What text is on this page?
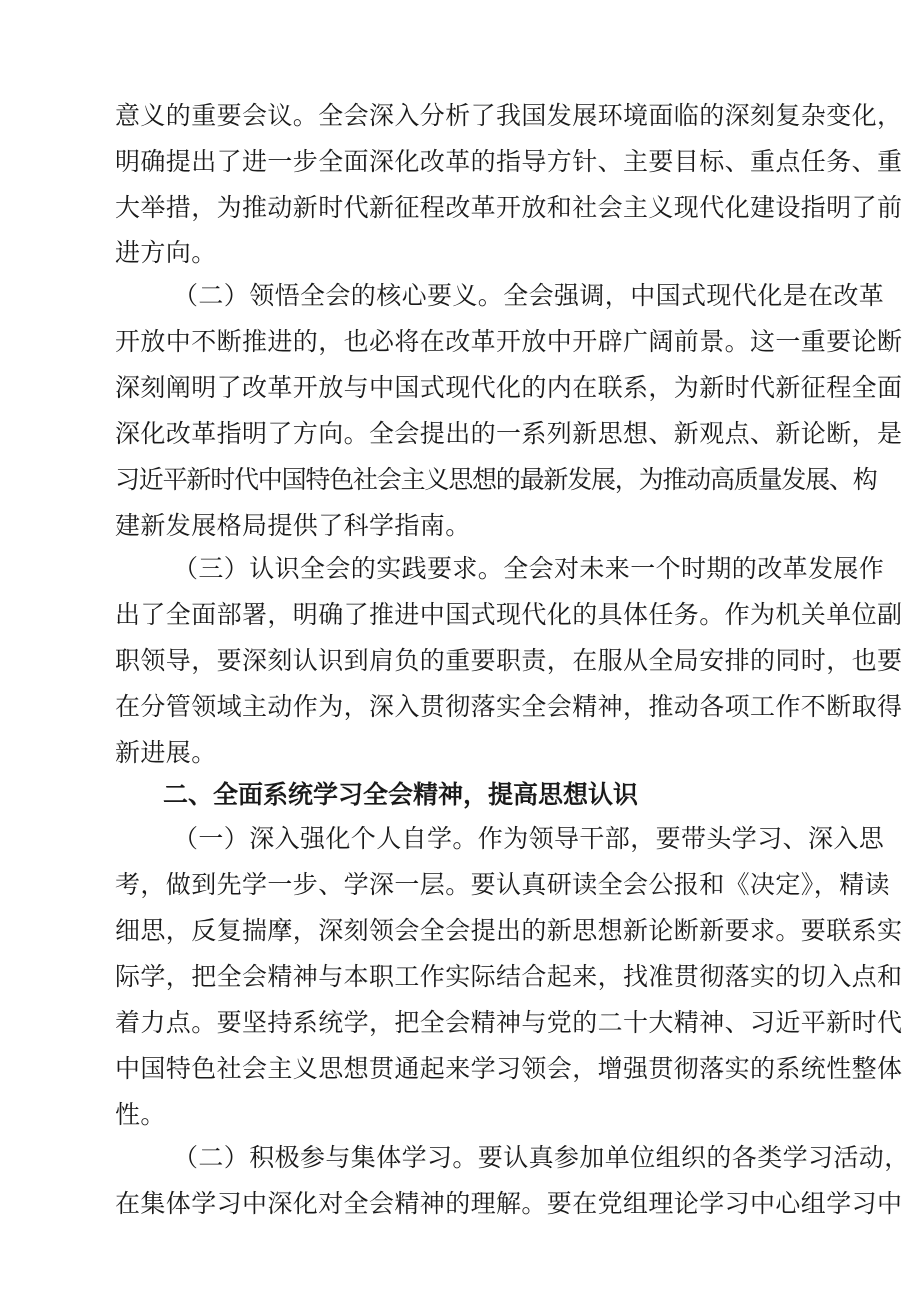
意义的重要会议。全会深入分析了我国发展环境面临的深刻复杂变化，
明确提出了进一步全面深化改革的指导方针、主要目标、重点任务、重
大举措，为推动新时代新征程改革开放和社会主义现代化建设指明了前
进方向。
（二）领悟全会的核心要义。全会强调，中国式现代化是在改革
开放中不断推进的，也必将在改革开放中开辟广阔前景。这一重要论断
深刻阐明了改革开放与中国式现代化的内在联系，为新时代新征程全面
深化改革指明了方向。全会提出的一系列新思想、新观点、新论断，是
习近平新时代中国特色社会主义思想的最新发展，为推动高质量发展、构
建新发展格局提供了科学指南。
（三）认识全会的实践要求。全会对未来一个时期的改革发展作
出了全面部署，明确了推进中国式现代化的具体任务。作为机关单位副
职领导，要深刻认识到肩负的重要职责，在服从全局安排的同时，也要
在分管领域主动作为，深入贯彻落实全会精神，推动各项工作不断取得
新进展。
二、全面系统学习全会精神，提高思想认识
（一）深入强化个人自学。作为领导干部，要带头学习、深入思
考，做到先学一步、学深一层。要认真研读全会公报和《决定》，精读
细思，反复揣摩，深刻领会全会提出的新思想新论断新要求。要联系实
际学，把全会精神与本职工作实际结合起来，找准贯彻落实的切入点和
着力点。要坚持系统学，把全会精神与党的二十大精神、习近平新时代
中国特色社会主义思想贯通起来学习领会，增强贯彻落实的系统性整体
性。
（二）积极参与集体学习。要认真参加单位组织的各类学习活动，
在集体学习中深化对全会精神的理解。要在党组理论学习中心组学习中
